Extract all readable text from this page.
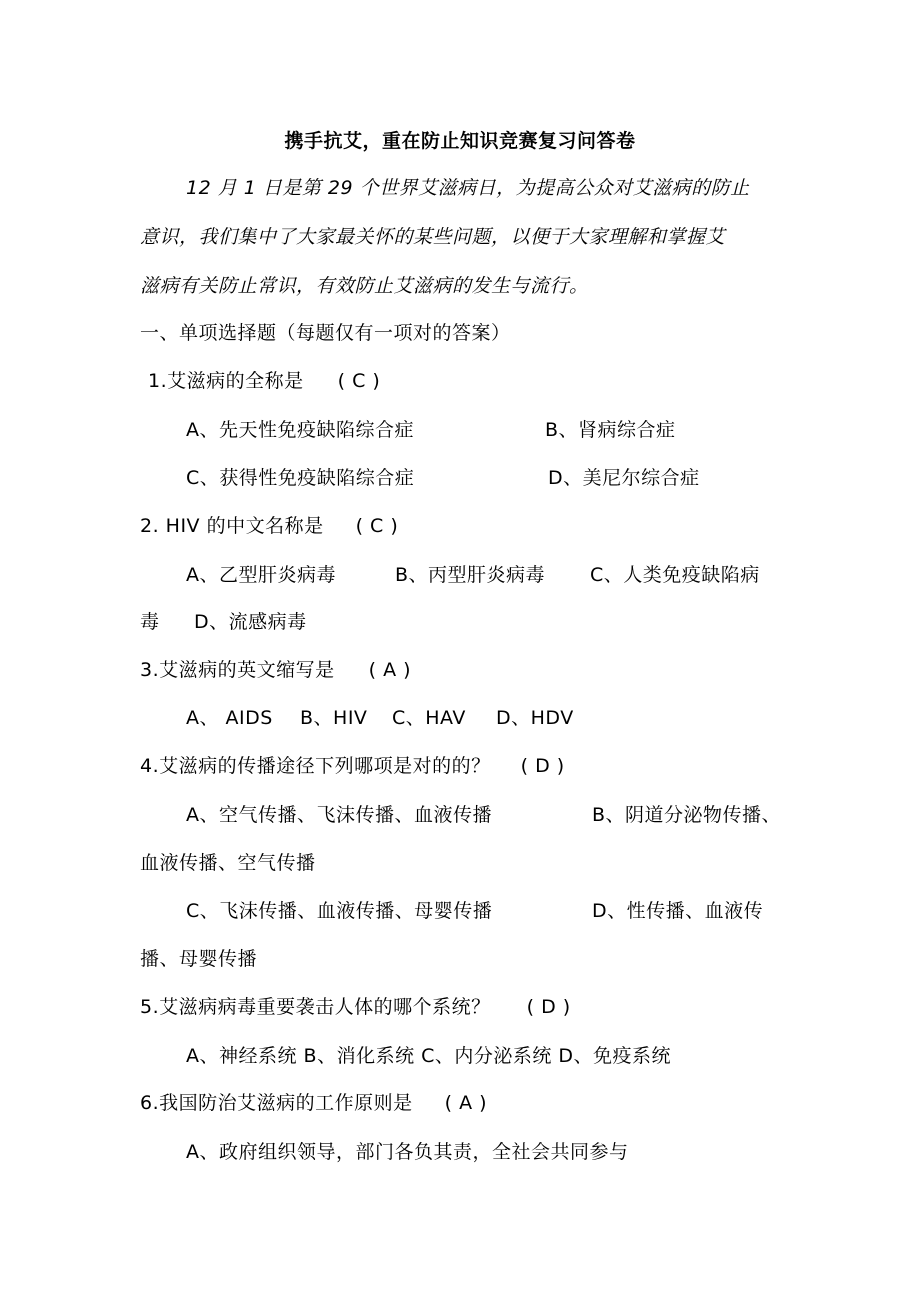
携手抗艾，重在防止知识竞赛复习问答卷
12 月 1 日是第 29 个世界艾滋病日，为提高公众对艾滋病的防止
意识，我们集中了大家最关怀的某些问题，以便于大家理解和掌握艾
滋病有关防止常识，有效防止艾滋病的发生与流行。
一、单项选择题（每题仅有一项对的答案）
1.艾滋病的全称是 ( C )
A、先天性免疫缺陷综合症	B、肾病综合症
C、获得性免疫缺陷综合症	D、美尼尔综合症
2. HIV 的中文名称是 ( C )
A、乙型肝炎病毒	B、丙型肝炎病毒 C、人类免疫缺陷病
毒 D、流感病毒
3.艾滋病的英文缩写是 ( A )
A、 AIDS B、HIV C、HAV D、HDV
4.艾滋病的传播途径下列哪项是对的的？ ( D )
A、空气传播、飞沫传播、血液传播	B、阴道分泌物传播、
血液传播、空气传播
C、飞沫传播、血液传播、母婴传播	D、性传播、血液传
播、母婴传播
5.艾滋病病毒重要袭击人体的哪个系统？ ( D )
A、神经系统 B、消化系统 C、内分泌系统 D、免疫系统
6.我国防治艾滋病的工作原则是 ( A )
A、政府组织领导，部门各负其责，全社会共同参与
